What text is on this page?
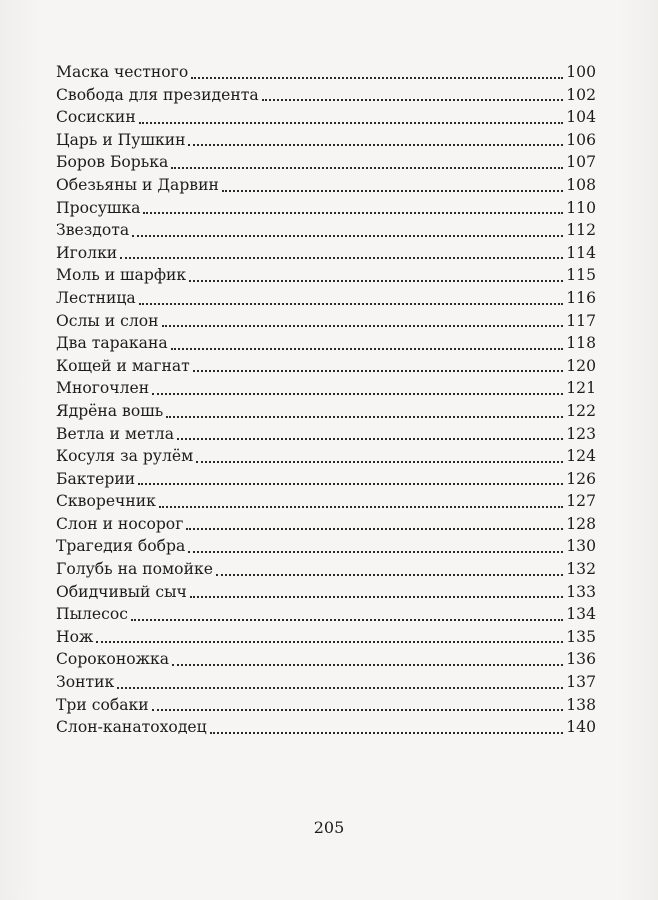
Маска честного	100
Свобода для президента	102
Сосискин	104
Царь и Пушкин	106
Боров Борька	107
Обезьяны и Дарвин	108
Просушка	110
Звездота	112
Иголки	114
Моль и шарфик	115
Лестница	116
Ослы и слон	117
Два таракана	118
Кощей и магнат	120
Многочлен	121
Ядрёна вошь	122
Ветла и метла	123
Косуля за рулём	124
Бактерии	126
Скворечник	127
Слон и носорог	128
Трагедия бобра	130
Голубь на помойке	132
Обидчивый сыч	133
Пылесос	134
Нож	135
Сороконожка	136
Зонтик	137
Три собаки	138
Слон-канатоходец	140
205
